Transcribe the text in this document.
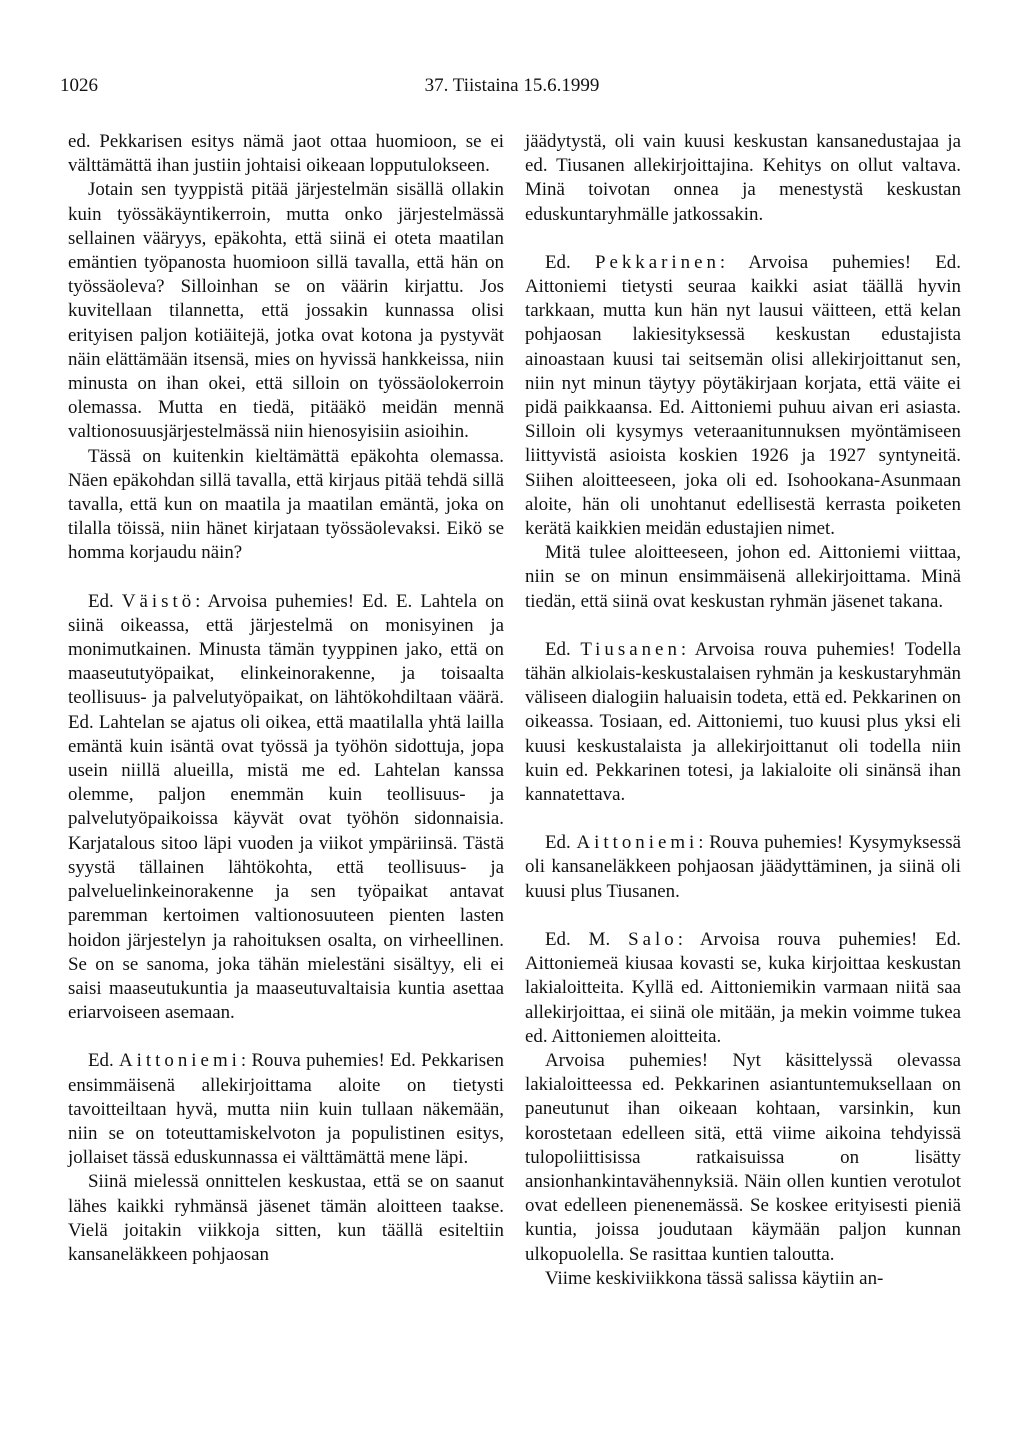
1026	37. Tiistaina 15.6.1999

ed. Pekkarisen esitys nämä jaot ottaa huomioon, se ei välttämättä ihan justiin johtaisi oikeaan lopputulokseen.

Jotain sen tyyppistä pitää järjestelmän sisällä ollakin kuin työssäkäyntikerroin, mutta onko järjestelmässä sellainen vääryys, epäkohta, että siinä ei oteta maatilan emäntien työpanosta huomioon sillä tavalla, että hän on työssäoleva? Silloinhan se on väärin kirjattu. Jos kuvitellaan tilannetta, että jossakin kunnassa olisi erityisen paljon kotiäitejä, jotka ovat kotona ja pystyvät näin elättämään itsensä, mies on hyvissä hankkeissa, niin minusta on ihan okei, että silloin on työssäolokerroin olemassa. Mutta en tiedä, pitääkö meidän mennä valtionosuusjärjestelmässä niin hienosyisiin asioihin.

Tässä on kuitenkin kieltämättä epäkohta olemassa. Näen epäkohdan sillä tavalla, että kirjaus pitää tehdä sillä tavalla, että kun on maatila ja maatilan emäntä, joka on tilalla töissä, niin hänet kirjataan työssäolevaksi. Eikö se homma korjaudu näin?

Ed. Väistö: Arvoisa puhemies! Ed. E. Lahtela on siinä oikeassa, että järjestelmä on monisyinen ja monimutkainen. Minusta tämän tyyppinen jako, että on maaseututyöpaikat, elinkeinorakenne, ja toisaalta teollisuus- ja palvelutyöpaikat, on lähtökohdiltaan väärä. Ed. Lahtelan se ajatus oli oikea, että maatilalla yhtä lailla emäntä kuin isäntä ovat työssä ja työhön sidottuja, jopa usein niillä alueilla, mistä me ed. Lahtelan kanssa olemme, paljon enemmän kuin teollisuus- ja palvelutyöpaikoissa käyvät ovat työhön sidonnaisia. Karjatalous sitoo läpi vuoden ja viikot ympäriinsä. Tästä syystä tällainen lähtökohta, että teollisuus- ja palveluelinkeinorakenne ja sen työpaikat antavat paremman kertoimen valtionosuuteen pienten lasten hoidon järjestelyn ja rahoituksen osalta, on virheellinen. Se on se sanoma, joka tähän mielestäni sisältyy, eli ei saisi maaseutukuntia ja maaseutuvaltaisia kuntia asettaa eriarvoiseen asemaan.

Ed. Aittoniemi: Rouva puhemies! Ed. Pekkarisen ensimmäisenä allekirjoittama aloite on tietysti tavoitteiltaan hyvä, mutta niin kuin tullaan näkemään, niin se on toteuttamiskelvoton ja populistinen esitys, jollaiset tässä eduskunnassa ei välttämättä mene läpi.

Siinä mielessä onnittelen keskustaa, että se on saanut lähes kaikki ryhmänsä jäsenet tämän aloitteen taakse. Vielä joitakin viikkoja sitten, kun täällä esiteltiin kansaneläkkeen pohjaosan

jäädytystä, oli vain kuusi keskustan kansanedustajaa ja ed. Tiusanen allekirjoittajina. Kehitys on ollut valtava. Minä toivotan onnea ja menestystä keskustan eduskuntaryhmälle jatkossakin.

Ed. Pekkarinen: Arvoisa puhemies! Ed. Aittoniemi tietysti seuraa kaikki asiat täällä hyvin tarkkaan, mutta kun hän nyt lausui väitteen, että kelan pohjaosan lakiesityksessä keskustan edustajista ainoastaan kuusi tai seitsemän olisi allekirjoittanut sen, niin nyt minun täytyy pöytäkirjaan korjata, että väite ei pidä paikkaansa. Ed. Aittoniemi puhuu aivan eri asiasta. Silloin oli kysymys veteraanitunnuksen myöntämiseen liittyvistä asioista koskien 1926 ja 1927 syntyneitä. Siihen aloitteeseen, joka oli ed. Isohookana-Asunmaan aloite, hän oli unohtanut edellisestä kerrasta poiketen kerätä kaikkien meidän edustajien nimet.

Mitä tulee aloitteeseen, johon ed. Aittoniemi viittaa, niin se on minun ensimmäisenä allekirjoittama. Minä tiedän, että siinä ovat keskustan ryhmän jäsenet takana.

Ed. Tiusanen: Arvoisa rouva puhemies! Todella tähän alkiolais-keskustalaisen ryhmän ja keskustaryhmän väliseen dialogiin haluaisin todeta, että ed. Pekkarinen on oikeassa. Tosiaan, ed. Aittoniemi, tuo kuusi plus yksi eli kuusi keskustalaista ja allekirjoittanut oli todella niin kuin ed. Pekkarinen totesi, ja lakialoite oli sinänsä ihan kannatettava.

Ed. Aittoniemi: Rouva puhemies! Kysymyksessä oli kansaneläkkeen pohjaosan jäädyttäminen, ja siinä oli kuusi plus Tiusanen.

Ed. M. Salo: Arvoisa rouva puhemies! Ed. Aittoniemeä kiusaa kovasti se, kuka kirjoittaa keskustan lakialoitteita. Kyllä ed. Aittoniemikin varmaan niitä saa allekirjoittaa, ei siinä ole mitään, ja mekin voimme tukea ed. Aittoniemen aloitteita.

Arvoisa puhemies! Nyt käsittelyssä olevassa lakialoitteessa ed. Pekkarinen asiantuntemuksellaan on paneutunut ihan oikeaan kohtaan, varsinkin, kun korostetaan edelleen sitä, että viime aikoina tehdyissä tulopoliittisissa ratkaisuissa on lisätty ansionhankintavähennyksiä. Näin ollen kuntien verotulot ovat edelleen pienenemässä. Se koskee erityisesti pieniä kuntia, joissa joudutaan käymään paljon kunnan ulkopuolella. Se rasittaa kuntien taloutta.

Viime keskiviikkona tässä salissa käytiin an-
